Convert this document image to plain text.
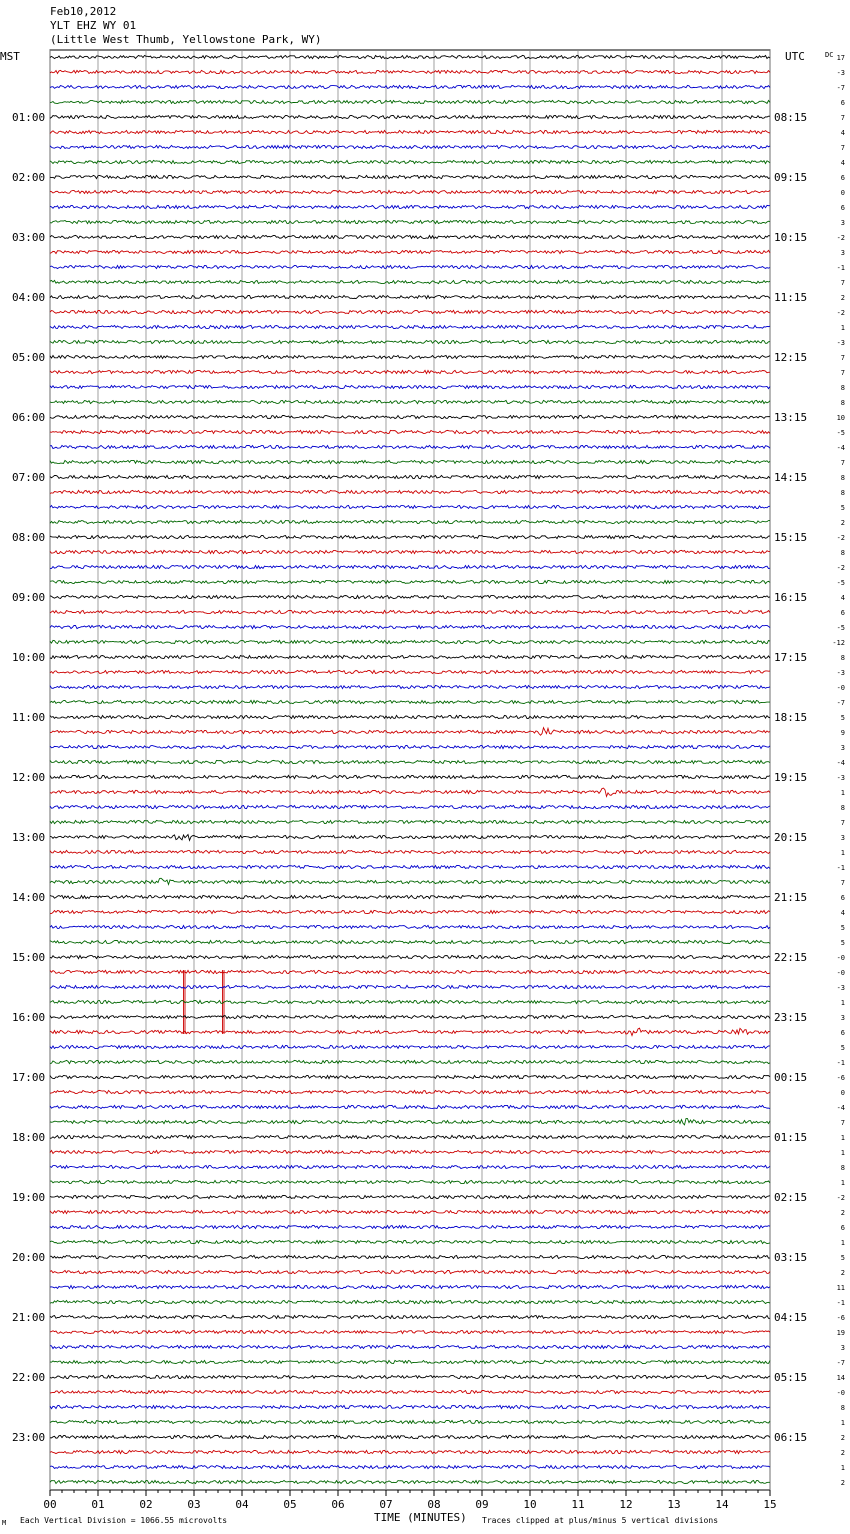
Feb10,2012
YLT EHZ WY 01
(Little West Thumb, Yellowstone Park, WY)
00	01	02	03	04	05	06	07	08	09	10	11	12	13	14	15
17
-3
-7
6
7
01:00	08:15
4
7
4
6
02:00	09:15
0
6
3
-2
03:00	10:15
3
-1
7
2
04:00	11:15
-2
1
-3
7
05:00	12:15
7
8
8
10
06:00	13:15
-5
-4
7
8
07:00	14:15
8
5
2
-2
08:00	15:15
8
-2
-5
4
09:00	16:15
6
-5
-12
8
10:00	17:15
-3
-0
-7
5
11:00	18:15
9
3
-4
-3
12:00	19:15
1
8
7
3
13:00	20:15
1
-1
7
6
14:00	21:15
4
5
5
-0
15:00	22:15
-0
-3
1
3
16:00	23:15
6
5
-1
-6
17:00	00:15
0
-4
7
1
18:00	01:15
1
8
1
-2
19:00	02:15
2
6
1
5
20:00	03:15
2
11
-1
-6
21:00	04:15
19
3
-7
14
22:00	05:15
-0
8
1
2
23:00	06:15
2
1
2
MST	UTC	DC
TIME (MINUTES)
M Each Vertical Division = 1066.55 microvolts	Traces clipped at plus/minus 5 vertical divisions
